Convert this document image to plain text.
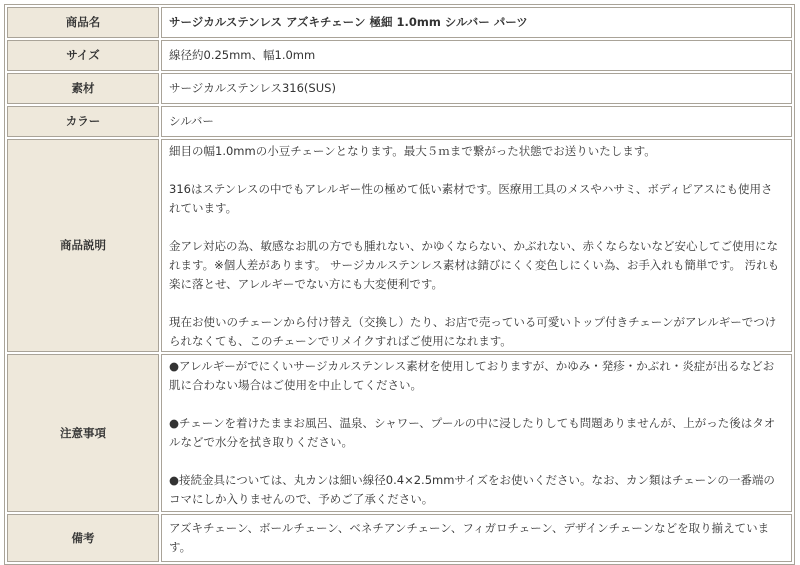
商品名	サージカルステンレス アズキチェーン 極細 1.0mm シルバー パーツ
サイズ	線径約0.25mm、幅1.0mm
素材	サージカルステンレス316(SUS)
カラー	シルバー
商品説明	細目の幅1.0mmの小豆チェーンとなります。最大５ｍまで繋がった状態でお送りいたします。

316はステンレスの中でもアレルギー性の極めて低い素材です。医療用工具のメスやハサミ、ボディピアスにも使用されています。

金アレ対応の為、敏感なお肌の方でも腫れない、かゆくならない、かぶれない、赤くならないなど安心してご使用になれます。※個人差があります。 サージカルステンレス素材は錆びにくく変色しにくい為、お手入れも簡単です。 汚れも楽に落とせ、アレルギーでない方にも大変便利です。

現在お使いのチェーンから付け替え（交換し）たり、お店で売っている可愛いトップ付きチェーンがアレルギーでつけられなくても、このチェーンでリメイクすればご使用になれます。

注意事項	●アレルギーがでにくいサージカルステンレス素材を使用しておりますが、かゆみ・発疹・かぶれ・炎症が出るなどお肌に合わない場合はご使用を中止してください。

●チェーンを着けたままお風呂、温泉、シャワー、プールの中に浸したりしても問題ありませんが、上がった後はタオルなどで水分を拭き取りください。

●接続金具については、丸カンは細い線径0.4×2.5mmサイズをお使いください。なお、カン類はチェーンの一番端のコマにしか入りませんので、予めご了承ください。

備考	アズキチェーン、ボールチェーン、ベネチアンチェーン、フィガロチェーン、デザインチェーンなどを取り揃えています。
